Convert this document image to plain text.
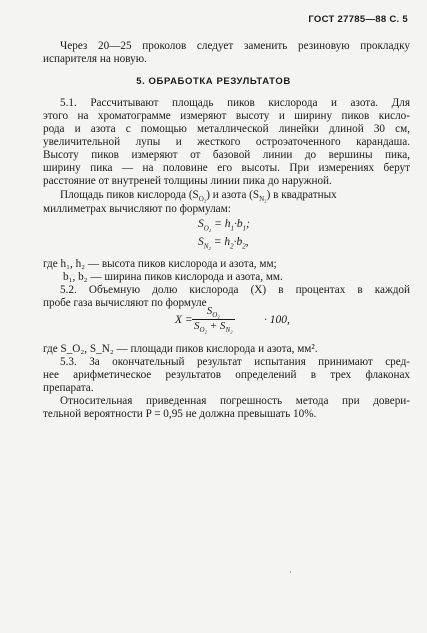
ГОСТ 27785—88 С. 5
Через 20—25 проколов следует заменить резиновую прокладку
испарителя на новую.
5. ОБРАБОТКА РЕЗУЛЬТАТОВ
5.1. Рассчитывают площадь пиков кислорода и азота. Для
этого на хроматограмме измеряют высоту и ширину пиков кисло-
рода и азота с помощью металлической линейки длиной 30 см,
увеличительной лупы и жесткого остроэаточенного карандаша.
Высоту пиков измеряют от базовой линии до вершины пика,
ширину пика — на половине его высоты. При измерениях берут
расстояние от внутреней толщины линии пика до наружной.
Площадь пиков кислорода $(S_{O_2})$ и азота $(S_{N_2})$ в квадратных
миллиметрах вычисляют по формулам:
$S_{O_2} = h_1\cdot b_1$;
$S_{N_2} = h_2\cdot b_2$,
где h₁, h₂ — высота пиков кислорода и азота, мм;
b₁, b₂ — ширина пиков кислорода и азота, мм.
5.2. Объемную долю кислорода (X) в процентах в каждой
пробе газа вычисляют по формуле
$X = \frac{S_{O_2}}{S_{O_2} + S_{N_2}}$	· 100,
где S_O₂, S_N₂ — площади пиков кислорода и азота, мм².
5.3. За окончательный результат испытания принимают сред-
нее арифметическое результатов определений в трех флаконах
препарата.
Относительная приведенная погрешность метода при довери-
тельной вероятности P = 0,95 не должна превышать 10%.
·
